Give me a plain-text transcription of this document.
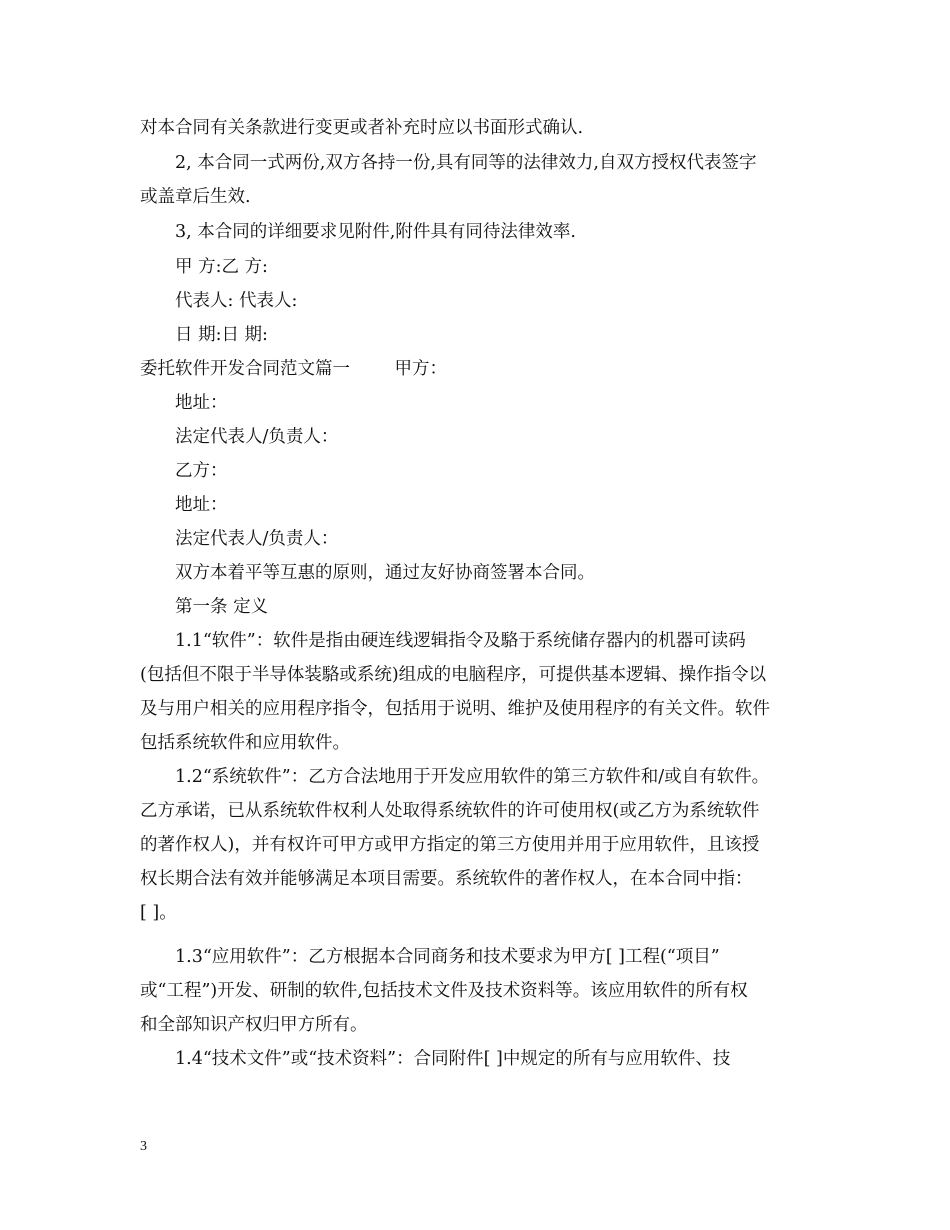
对本合同有关条款进行变更或者补充时应以书面形式确认.
2, 本合同一式两份,双方各持一份,具有同等的法律效力,自双方授权代表签字
或盖章后生效.
3, 本合同的详细要求见附件,附件具有同待法律效率.
甲 方:乙 方:
代表人: 代表人:
日 期:日 期:
委托软件开发合同范文篇一        甲方：
地址：
法定代表人/负责人：
乙方：
地址：
法定代表人/负责人：
双方本着平等互惠的原则，通过友好协商签署本合同。
第一条 定义
1.1“软件”：软件是指由硬连线逻辑指令及駱于系统储存器内的机器可读码
(包括但不限于半导体装駱或系统)组成的电脑程序，可提供基本逻辑、操作指令以
及与用户相关的应用程序指令，包括用于说明、维护及使用程序的有关文件。软件
包括系统软件和应用软件。
1.2“系统软件”：乙方合法地用于开发应用软件的第三方软件和/或自有软件。
乙方承诺，已从系统软件权利人处取得系统软件的许可使用权(或乙方为系统软件
的著作权人)，并有权许可甲方或甲方指定的第三方使用并用于应用软件，且该授
权长期合法有效并能够满足本项目需要。系统软件的著作权人，在本合同中指：
[ ]。
1.3“应用软件”：乙方根据本合同商务和技术要求为甲方[ ]工程(“项目”
或“工程”)开发、研制的软件,包括技术文件及技术资料等。该应用软件的所有权
和全部知识产权归甲方所有。
1.4“技术文件”或“技术资料”：合同附件[ ]中规定的所有与应用软件、技
3
